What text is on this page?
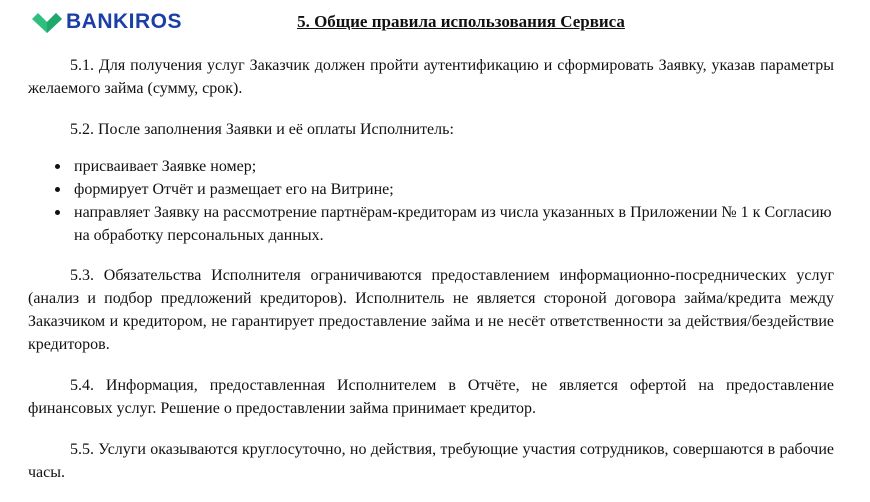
BANKIROS	5. Общие правила использования Сервиса

5.1. Для получения услуг Заказчик должен пройти аутентификацию и сформировать Заявку, указав параметры желаемого займа (сумму, срок).

5.2. После заполнения Заявки и её оплаты Исполнитель:

присваивает Заявке номер;
формирует Отчёт и размещает его на Витрине;
направляет Заявку на рассмотрение партнёрам-кредиторам из числа указанных в Приложении № 1 к Согласию на обработку персональных данных.

5.3. Обязательства Исполнителя ограничиваются предоставлением информационно-посреднических услуг (анализ и подбор предложений кредиторов). Исполнитель не является стороной договора займа/кредита между Заказчиком и кредитором, не гарантирует предоставление займа и не несёт ответственности за действия/бездействие кредиторов.

5.4. Информация, предоставленная Исполнителем в Отчёте, не является офертой на предоставление финансовых услуг. Решение о предоставлении займа принимает кредитор.

5.5. Услуги оказываются круглосуточно, но действия, требующие участия сотрудников, совершаются в рабочие часы.
